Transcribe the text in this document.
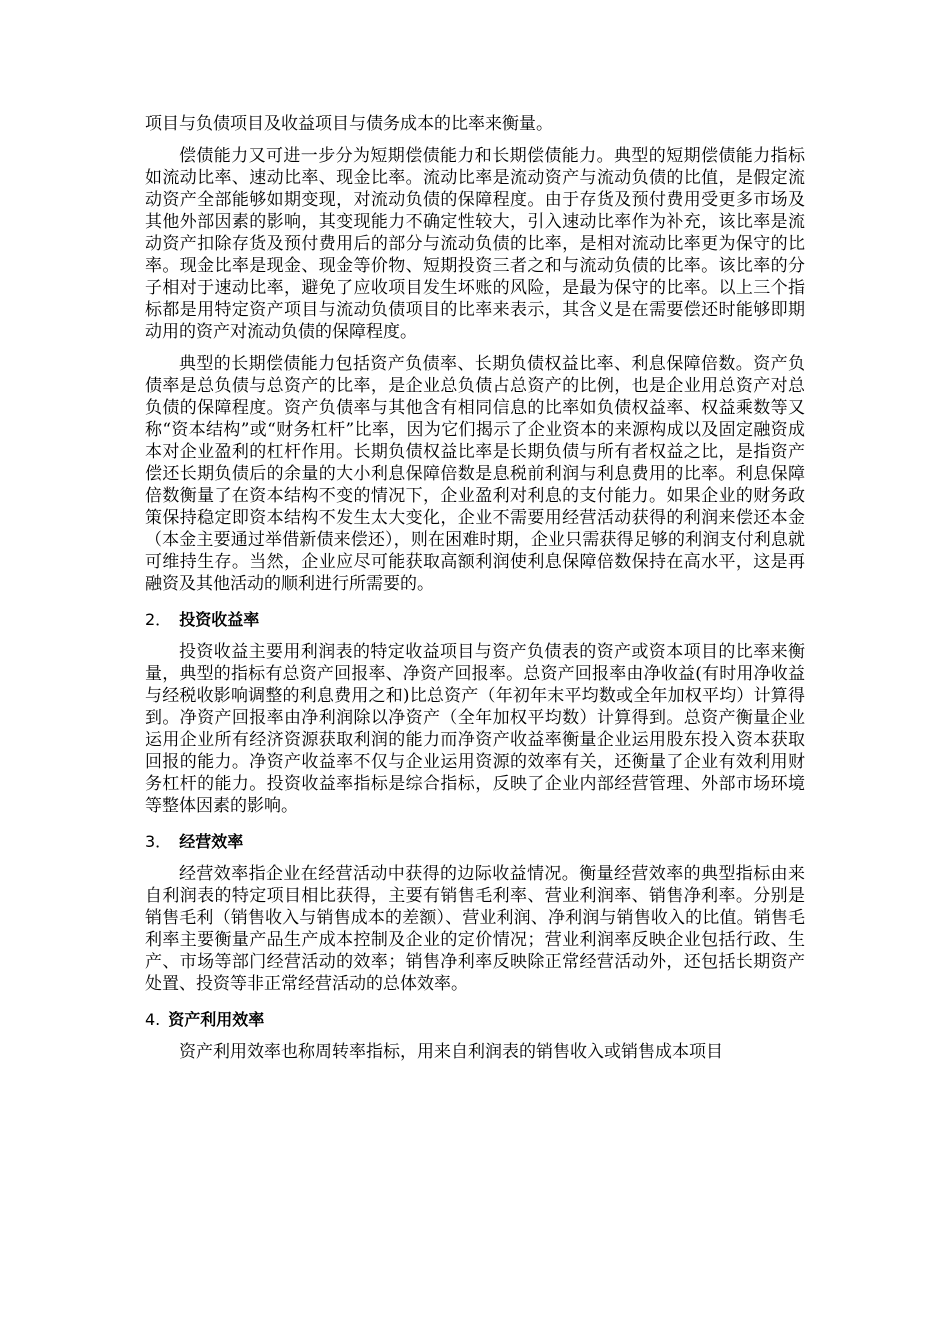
项目与负债项目及收益项目与债务成本的比率来衡量。

偿债能力又可进一步分为短期偿债能力和长期偿债能力。典型的短期偿债能力指标如流动比率、速动比率、现金比率。流动比率是流动资产与流动负债的比值，是假定流动资产全部能够如期变现，对流动负债的保障程度。由于存货及预付费用受更多市场及其他外部因素的影响，其变现能力不确定性较大，引入速动比率作为补充，该比率是流动资产扣除存货及预付费用后的部分与流动负债的比率，是相对流动比率更为保守的比率。现金比率是现金、现金等价物、短期投资三者之和与流动负债的比率。该比率的分子相对于速动比率，避免了应收项目发生坏账的风险，是最为保守的比率。以上三个指标都是用特定资产项目与流动负债项目的比率来表示，其含义是在需要偿还时能够即期动用的资产对流动负债的保障程度。

典型的长期偿债能力包括资产负债率、长期负债权益比率、利息保障倍数。资产负债率是总负债与总资产的比率，是企业总负债占总资产的比例，也是企业用总资产对总负债的保障程度。资产负债率与其他含有相同信息的比率如负债权益率、权益乘数等又称“资本结构”或“财务杠杆”比率，因为它们揭示了企业资本的来源构成以及固定融资成本对企业盈利的杠杆作用。长期负债权益比率是长期负债与所有者权益之比，是指资产偿还长期负债后的余量的大小利息保障倍数是息税前利润与利息费用的比率。利息保障倍数衡量了在资本结构不变的情况下，企业盈利对利息的支付能力。如果企业的财务政策保持稳定即资本结构不发生太大变化，企业不需要用经营活动获得的利润来偿还本金（本金主要通过举借新债来偿还），则在困难时期，企业只需获得足够的利润支付利息就可维持生存。当然，企业应尽可能获取高额利润使利息保障倍数保持在高水平，这是再融资及其他活动的顺利进行所需要的。

2． 投资收益率

投资收益主要用利润表的特定收益项目与资产负债表的资产或资本项目的比率来衡量，典型的指标有总资产回报率、净资产回报率。总资产回报率由净收益(有时用净收益与经税收影响调整的利息费用之和)比总资产（年初年末平均数或全年加权平均）计算得到。净资产回报率由净利润除以净资产（全年加权平均数）计算得到。总资产衡量企业运用企业所有经济资源获取利润的能力而净资产收益率衡量企业运用股东投入资本获取回报的能力。净资产收益率不仅与企业运用资源的效率有关，还衡量了企业有效利用财务杠杆的能力。投资收益率指标是综合指标，反映了企业内部经营管理、外部市场环境等整体因素的影响。

3． 经营效率

经营效率指企业在经营活动中获得的边际收益情况。衡量经营效率的典型指标由来自利润表的特定项目相比获得，主要有销售毛利率、营业利润率、销售净利率。分别是销售毛利（销售收入与销售成本的差额）、营业利润、净利润与销售收入的比值。销售毛利率主要衡量产品生产成本控制及企业的定价情况；营业利润率反映企业包括行政、生产、市场等部门经营活动的效率；销售净利率反映除正常经营活动外，还包括长期资产处置、投资等非正常经营活动的总体效率。

4. 资产利用效率

资产利用效率也称周转率指标，用来自利润表的销售收入或销售成本项目
